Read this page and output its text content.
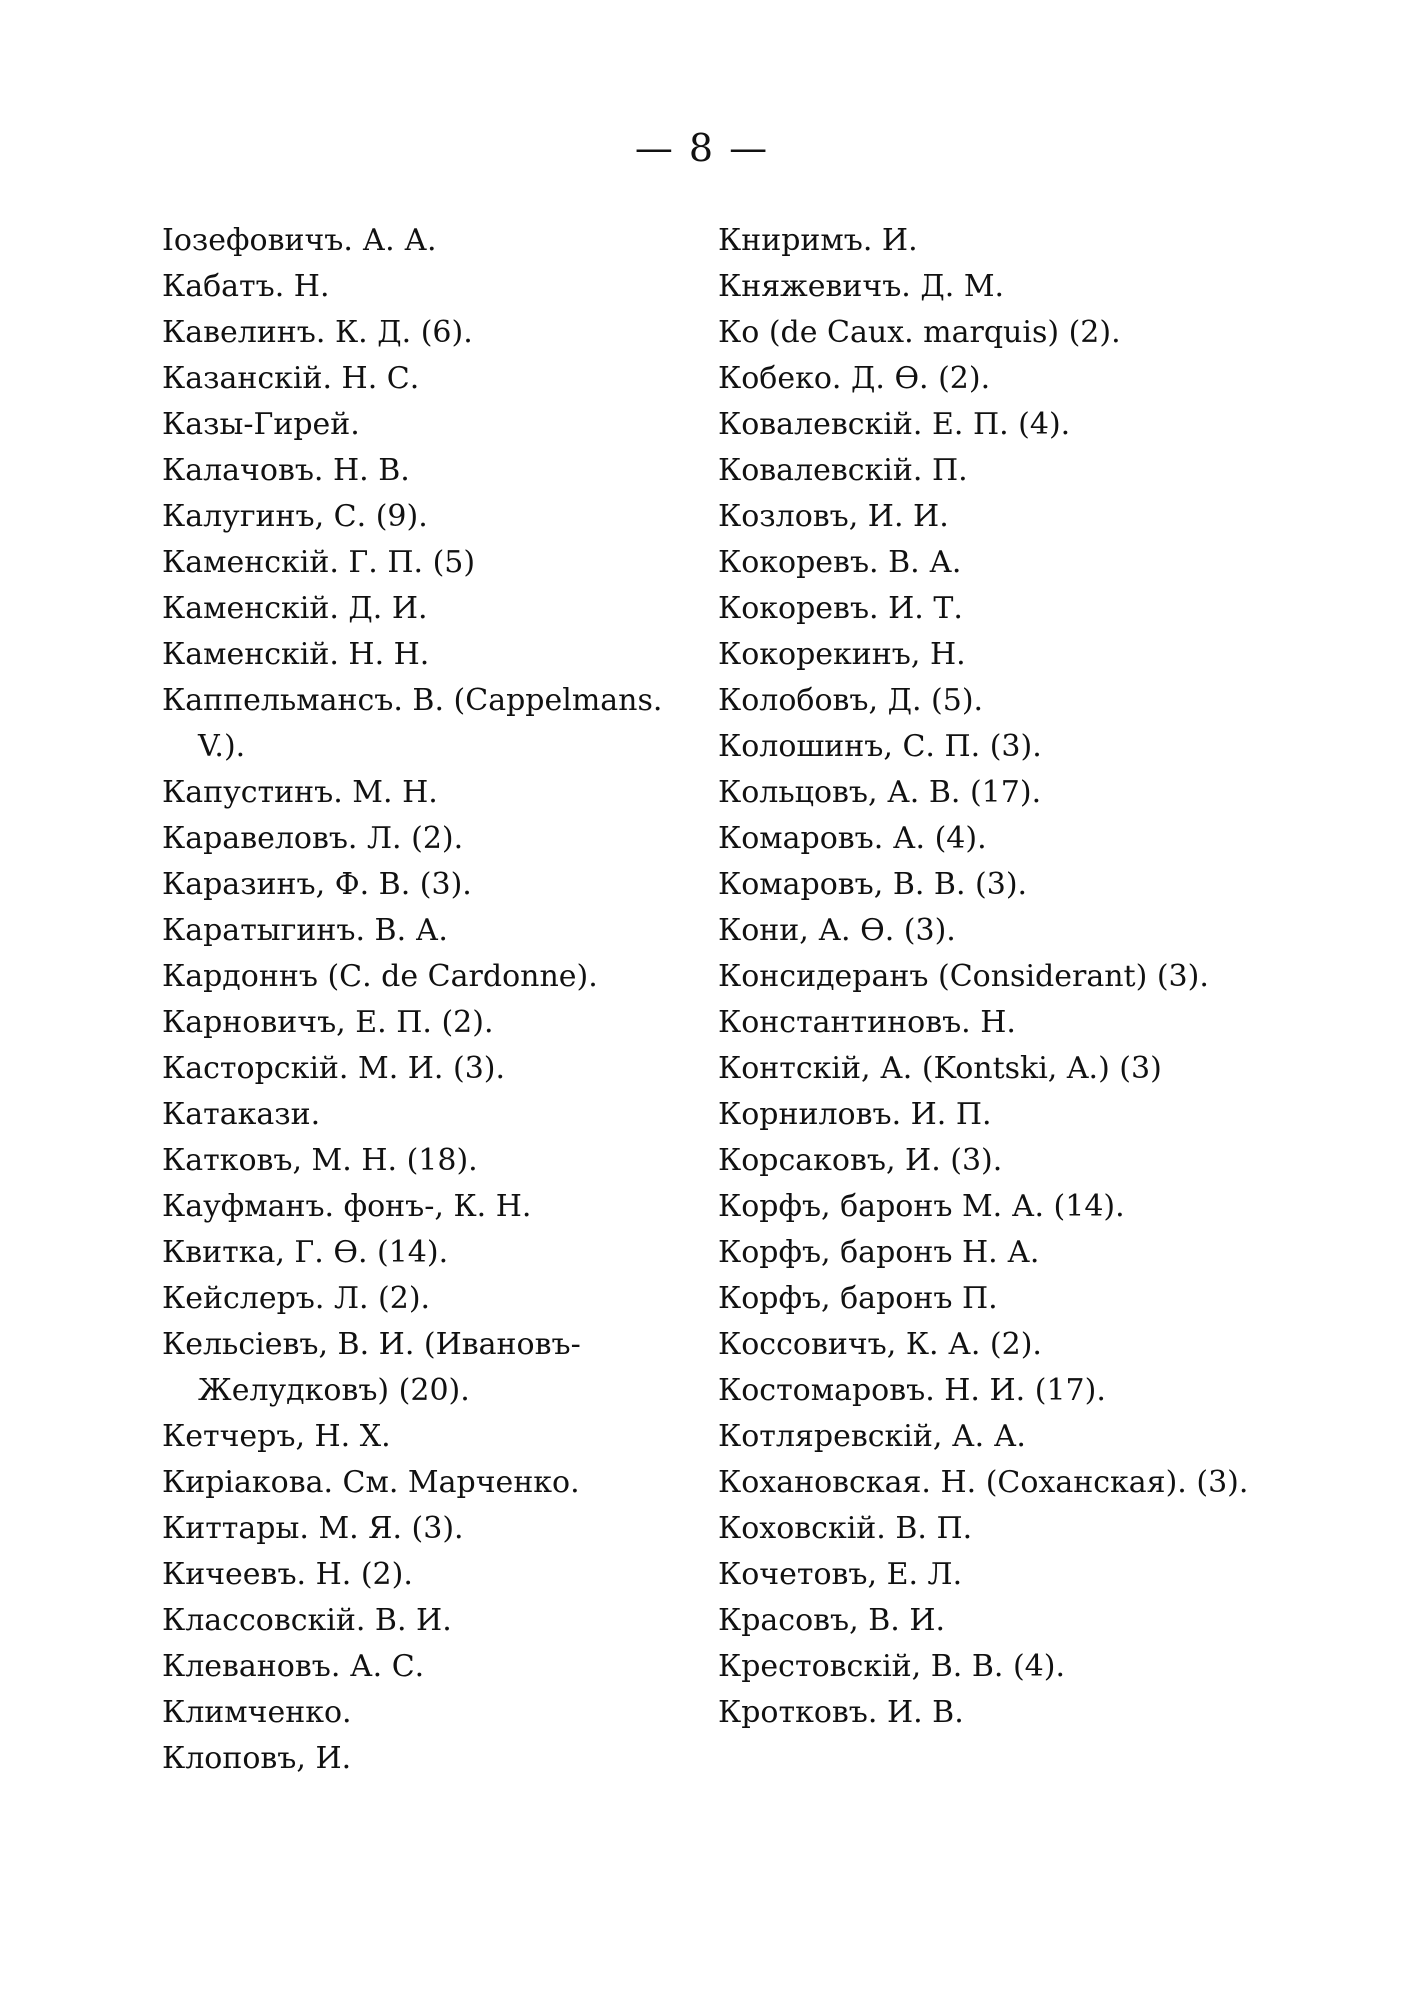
— 8 —
Іозефовичъ. А. А.
Кабатъ. Н.
Кавелинъ. К. Д. (6).
Казанскій. Н. С.
Казы-Гирей.
Калачовъ. Н. В.
Калугинъ, С. (9).
Каменскій. Г. П. (5)
Каменскій. Д. И.
Каменскій. Н. Н.
Каппельмансъ. В. (Cappelmans. V.).
Капустинъ. М. Н.
Каравеловъ. Л. (2).
Каразинъ, Ф. В. (3).
Каратыгинъ. В. А.
Кардоннъ (С. de Cardonne).
Карновичъ, Е. П. (2).
Касторскій. М. И. (3).
Катакази.
Катковъ, М. Н. (18).
Кауфманъ. фонъ-, К. Н.
Квитка, Г. Ѳ. (14).
Кейслеръ. Л. (2).
Кельсіевъ, В. И. (Ивановъ-Желудковъ) (20).
Кетчеръ, Н. Х.
Киріакова. См. Марченко.
Киттары. М. Я. (3).
Кичеевъ. Н. (2).
Классовскій. В. И.
Клевановъ. А. С.
Климченко.
Клоповъ, И.
Книримъ. И.
Княжевичъ. Д. М.
Ко (de Caux. marquis) (2).
Кобеко. Д. Ѳ. (2).
Ковалевскій. Е. П. (4).
Ковалевскій. П.
Козловъ, И. И.
Кокоревъ. В. А.
Кокоревъ. И. Т.
Кокорекинъ, Н.
Колобовъ, Д. (5).
Колошинъ, С. П. (3).
Кольцовъ, А. В. (17).
Комаровъ. А. (4).
Комаровъ, В. В. (3).
Кони, А. Ѳ. (3).
Консидеранъ (Considerant) (3).
Константиновъ. Н.
Контскій, А. (Kontski, A.) (3)
Корниловъ. И. П.
Корсаковъ, И. (3).
Корфъ, баронъ М. А. (14).
Корфъ, баронъ Н. А.
Корфъ, баронъ П.
Коссовичъ, К. А. (2).
Костомаровъ. Н. И. (17).
Котляревскій, А. А.
Кохановская. Н. (Соханская). (3).
Коховскій. В. П.
Кочетовъ, Е. Л.
Красовъ, В. И.
Крестовскій, В. В. (4).
Кротковъ. И. В.
